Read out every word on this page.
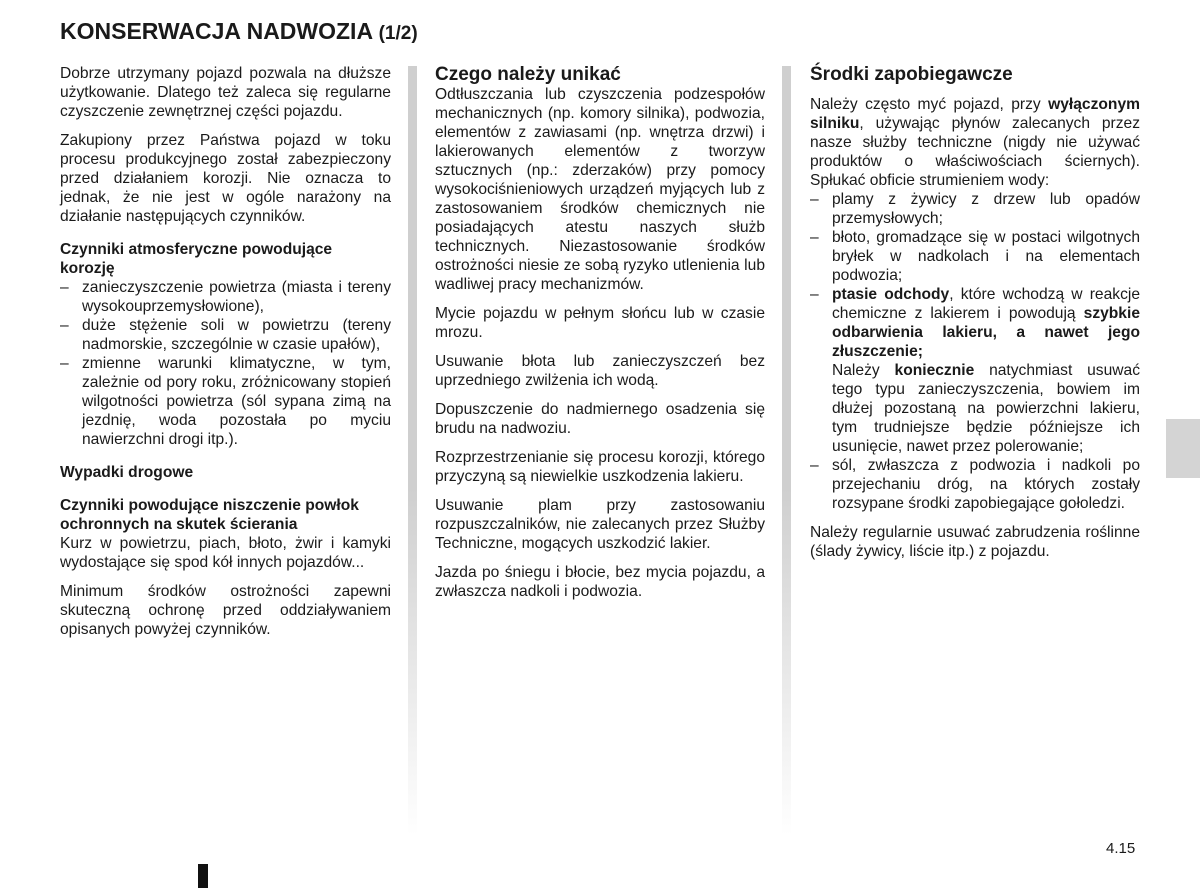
KONSERWACJA NADWOZIA (1/2)

Dobrze utrzymany pojazd pozwala na dłuższe użytkowanie. Dlatego też zaleca się regularne czyszczenie zewnętrznej części pojazdu.

Zakupiony przez Państwa pojazd w toku procesu produkcyjnego został zabezpieczony przed działaniem korozji. Nie oznacza to jednak, że nie jest w ogóle narażony na działanie następujących czynników.

Czynniki atmosferyczne powodujące korozję

– zanieczyszczenie powietrza (miasta i tereny wysokouprzemysłowione),
– duże stężenie soli w powietrzu (tereny nadmorskie, szczególnie w czasie upałów),
– zmienne warunki klimatyczne, w tym, zależnie od pory roku, zróżnicowany stopień wilgotności powietrza (sól sypana zimą na jezdnię, woda pozostała po myciu nawierzchni drogi itp.).

Wypadki drogowe

Czynniki powodujące niszczenie powłok ochronnych na skutek ścierania

Kurz w powietrzu, piach, błoto, żwir i kamyki wydostające się spod kół innych pojazdów...

Minimum środków ostrożności zapewni skuteczną ochronę przed oddziaływaniem opisanych powyżej czynników.

Czego należy unikać

Odtłuszczania lub czyszczenia podzespołów mechanicznych (np. komory silnika), podwozia, elementów z zawiasami (np. wnętrza drzwi) i lakierowanych elementów z tworzyw sztucznych (np.: zderzaków) przy pomocy wysokociśnieniowych urządzeń myjących lub z zastosowaniem środków chemicznych nie posiadających atestu naszych służb technicznych. Niezastosowanie środków ostrożności niesie ze sobą ryzyko utlenienia lub wadliwej pracy mechanizmów.

Mycie pojazdu w pełnym słońcu lub w czasie mrozu.

Usuwanie błota lub zanieczyszczeń bez uprzedniego zwilżenia ich wodą.

Dopuszczenie do nadmiernego osadzenia się brudu na nadwoziu.

Rozprzestrzenianie się procesu korozji, którego przyczyną są niewielkie uszkodzenia lakieru.

Usuwanie plam przy zastosowaniu rozpuszczalników, nie zalecanych przez Służby Techniczne, mogących uszkodzić lakier.

Jazda po śniegu i błocie, bez mycia pojazdu, a zwłaszcza nadkoli i podwozia.

Środki zapobiegawcze

Należy często myć pojazd, przy wyłączonym silniku, używając płynów zalecanych przez nasze służby techniczne (nigdy nie używać produktów o właściwościach ściernych). Spłukać obficie strumieniem wody:

– plamy z żywicy z drzew lub opadów przemysłowych;
– błoto, gromadzące się w postaci wilgotnych bryłek w nadkolach i na elementach podwozia;
– ptasie odchody, które wchodzą w reakcje chemiczne z lakierem i powodują szybkie odbarwienia lakieru, a nawet jego złuszczenie;
Należy koniecznie natychmiast usuwać tego typu zanieczyszczenia, bowiem im dłużej pozostaną na powierzchni lakieru, tym trudniejsze będzie późniejsze ich usunięcie, nawet przez polerowanie;
– sól, zwłaszcza z podwozia i nadkoli po przejechaniu dróg, na których zostały rozsypane środki zapobiegające gołoledzi.

Należy regularnie usuwać zabrudzenia roślinne (ślady żywicy, liście itp.) z pojazdu.

4.15
